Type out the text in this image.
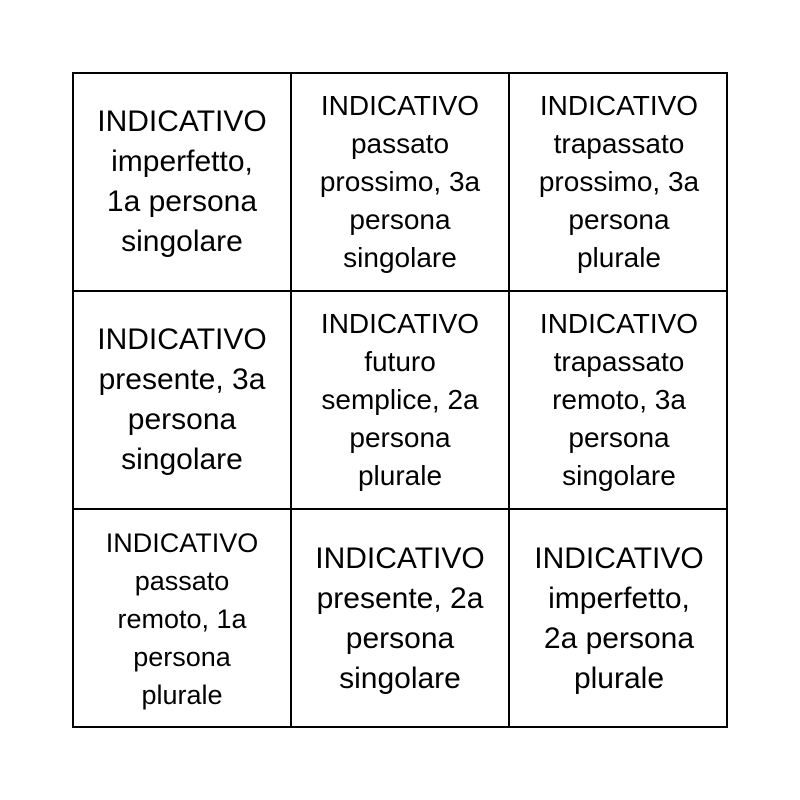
INDICATIVO
imperfetto,
1a persona
singolare
INDICATIVO
passato
prossimo, 3a
persona
singolare
INDICATIVO
trapassato
prossimo, 3a
persona
plurale
INDICATIVO
presente, 3a
persona
singolare
INDICATIVO
futuro
semplice, 2a
persona
plurale
INDICATIVO
trapassato
remoto, 3a
persona
singolare
INDICATIVO
passato
remoto, 1a
persona
plurale
INDICATIVO
presente, 2a
persona
singolare
INDICATIVO
imperfetto,
2a persona
plurale
